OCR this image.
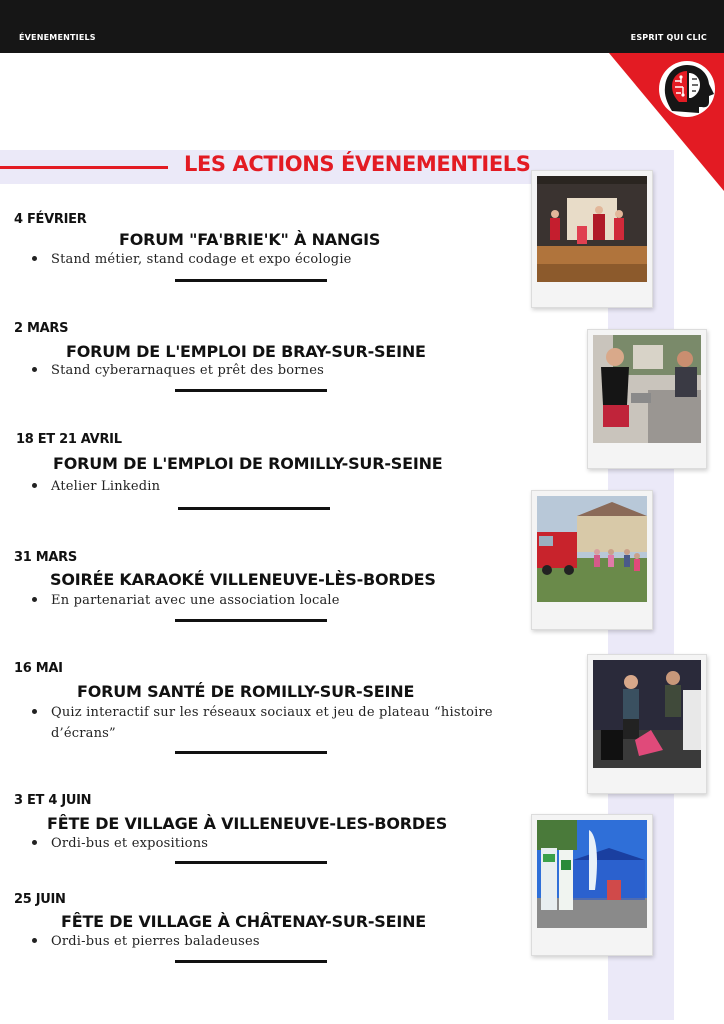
ÉVENEMENTIELS	ESPRIT QUI CLIC
LES ACTIONS ÉVENEMENTIELS
4 FÉVRIER
FORUM "FA'BRIE'K" À NANGIS
Stand métier, stand codage et expo écologie
2 MARS
FORUM DE L'EMPLOI DE BRAY-SUR-SEINE
Stand cyberarnaques et prêt des bornes
18 ET 21 AVRIL
FORUM DE L'EMPLOI DE ROMILLY-SUR-SEINE
Atelier Linkedin
31 MARS
SOIRÉE KARAOKÉ VILLENEUVE-LÈS-BORDES
En partenariat avec une association locale
16 MAI
FORUM SANTÉ DE ROMILLY-SUR-SEINE
Quiz interactif sur les réseaux sociaux et jeu de plateau “histoire d’écrans”
3 ET 4 JUIN
FÊTE DE VILLAGE À VILLENEUVE-LES-BORDES
Ordi-bus et expositions
25 JUIN
FÊTE DE VILLAGE À CHÂTENAY-SUR-SEINE
Ordi-bus et pierres baladeuses
